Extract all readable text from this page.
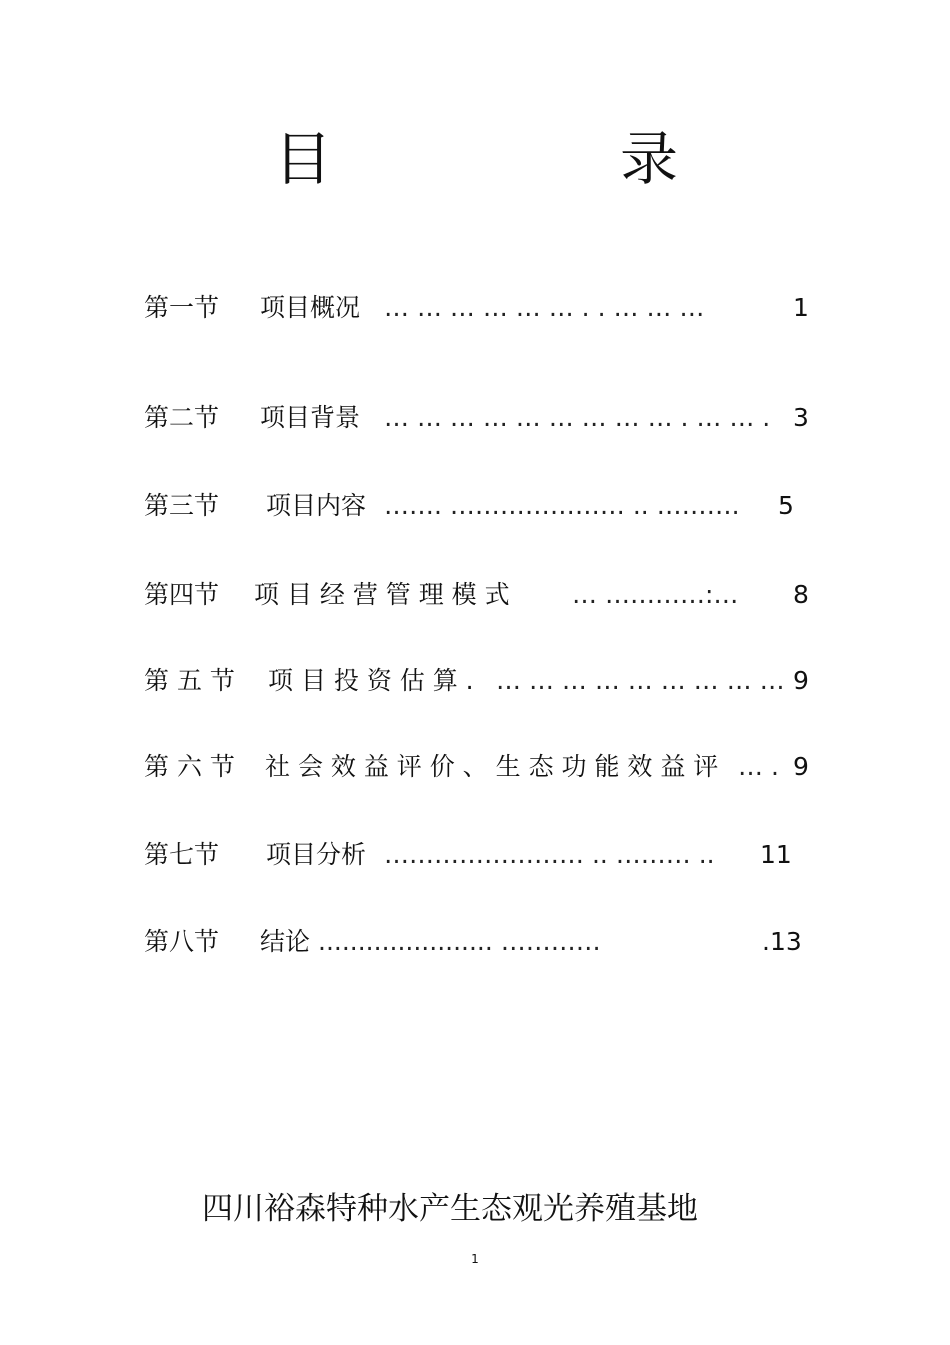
目	录
第一节 项目概况 … … … … … … . . … … …	1
第二节 项目背景 … … … … … … … … … . … … . 3
第三节 项目内容 ……. ………………… .. ………. 5
第四节 项 目 经 营 管 理 模 式 … …………:… 8
第 五 节 项 目 投 资 估 算 . … … … … … … … … … 9
第 六 节 社 会 效 益 评 价 、 生 态 功 能 效 益 评 … . 9
第七节 项目分析 …………………… .. ……… .. 11
第八节 结论 ...................... …………	.13
四川裕森特种水产生态观光养殖基地
1
